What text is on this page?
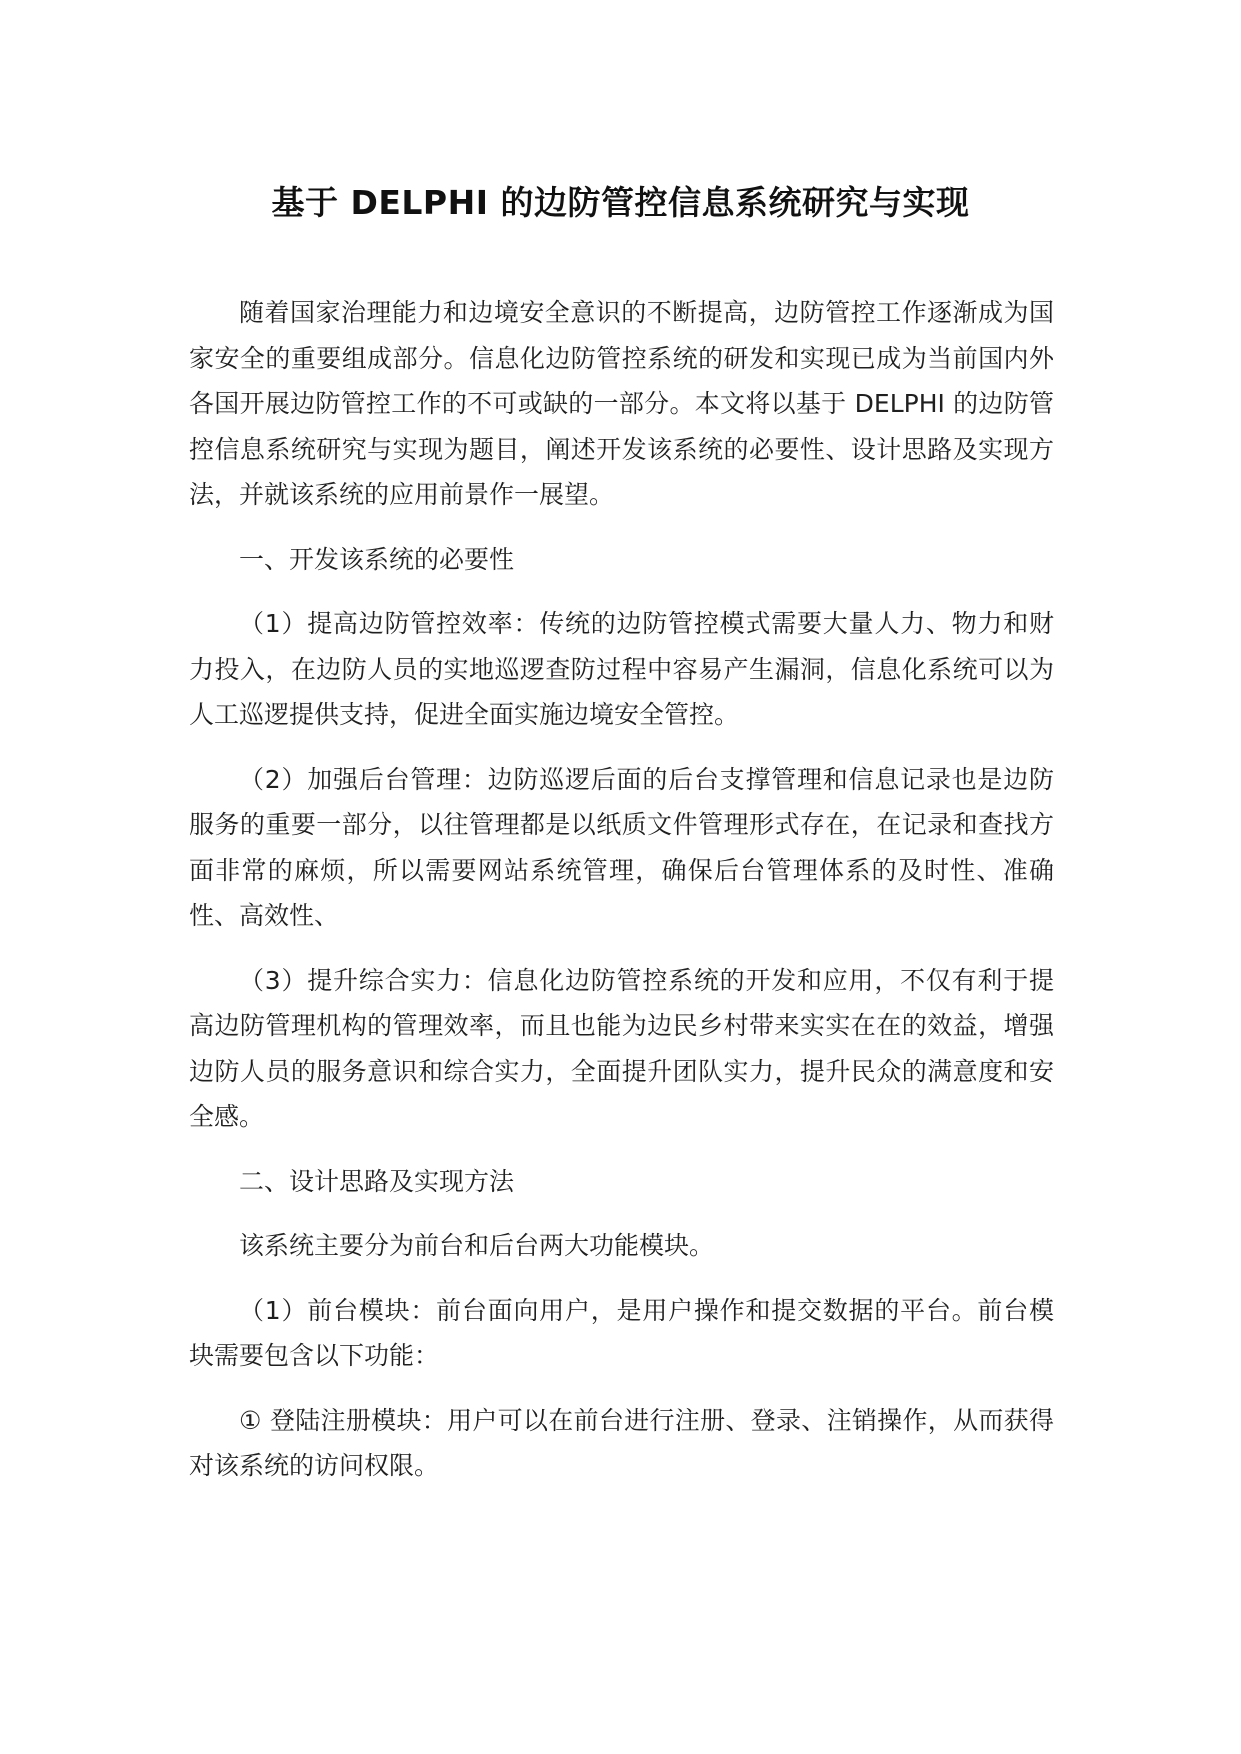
基于 DELPHI 的边防管控信息系统研究与实现

随着国家治理能力和边境安全意识的不断提高，边防管控工作逐渐成为国家安全的重要组成部分。信息化边防管控系统的研发和实现已成为当前国内外各国开展边防管控工作的不可或缺的一部分。本文将以基于 DELPHI 的边防管控信息系统研究与实现为题目，阐述开发该系统的必要性、设计思路及实现方法，并就该系统的应用前景作一展望。

一、开发该系统的必要性

（1）提高边防管控效率：传统的边防管控模式需要大量人力、物力和财力投入，在边防人员的实地巡逻查防过程中容易产生漏洞，信息化系统可以为人工巡逻提供支持，促进全面实施边境安全管控。

（2）加强后台管理：边防巡逻后面的后台支撑管理和信息记录也是边防服务的重要一部分，以往管理都是以纸质文件管理形式存在，在记录和查找方面非常的麻烦，所以需要网站系统管理，确保后台管理体系的及时性、准确性、高效性、

（3）提升综合实力：信息化边防管控系统的开发和应用，不仅有利于提高边防管理机构的管理效率，而且也能为边民乡村带来实实在在的效益，增强边防人员的服务意识和综合实力，全面提升团队实力，提升民众的满意度和安全感。

二、设计思路及实现方法

该系统主要分为前台和后台两大功能模块。

（1）前台模块：前台面向用户，是用户操作和提交数据的平台。前台模块需要包含以下功能：

① 登陆注册模块：用户可以在前台进行注册、登录、注销操作，从而获得对该系统的访问权限。
